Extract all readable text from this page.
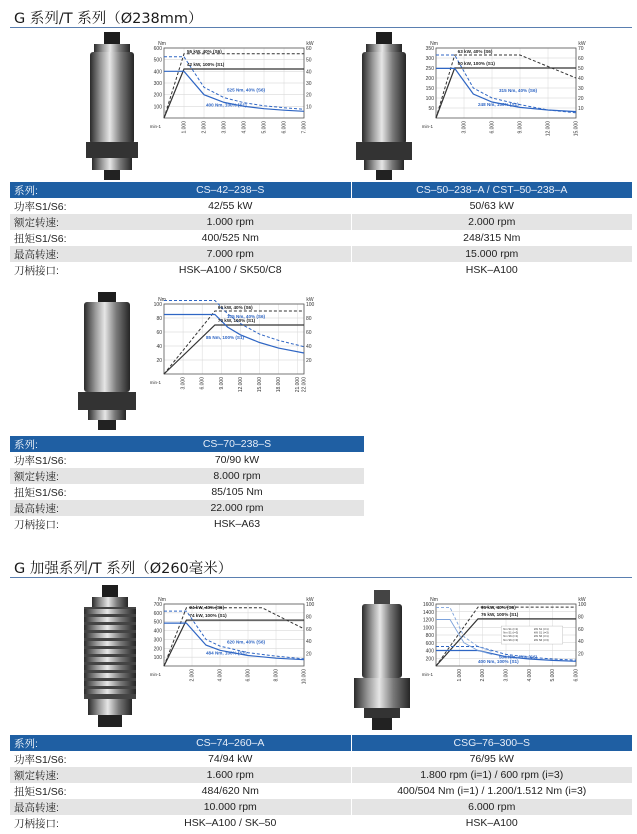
G 系列/T 系列（Ø238mm）
G 加强系列/T 系列（Ø260毫米）
Nm	kW
min-1
100
200
300
400
500
600
10
20
30
40
50
60
1.000	2.000	3.000	4.000	5.000	6.000	7.000
55 kW, 40% (S6)
42 kW, 100% (S1)
525 Nm, 40% (S6)
400 Nm, 100% (S1)
Nm	kW
min-1
50
100
150
200
250
300
350
10
20
30
40
50
60
70
3.000	6.000	9.000	12.000	15.000
63 kW, 40% (S6)
50 kW, 100% (S1)
315 Nm, 40% (S6)
248 Nm, 100% (S1)
Nm	kW
min-1
20
40
60
80
100
20
40
60
80
100
3.000	6.000	9.000	12.000	15.000	18.000	21.000 22.000
90 kW, 40% (S6)
70 kW, 100% (S1)
105 Nm, 40% (S6)
85 Nm, 100% (S1)
Nm	kW
min-1
100
200
300
400
500
600
700
20
40
60
80
100
2.000	4.000	6.000	8.000	10.000
94 kW, 40% (S6)
74 kW, 100% (S1)
620 Nm, 40% (S6)
484 Nm, 100% (S1)
Nm	kW
min-1
200
400
600
800
1000
1200
1400
1600
20
40
60
80
100
1.000	2.000	3.000	4.000	5.000	6.000
95 kW, 40% (S6)
76 kW, 100% (S1)
504 Nm, 40% (S6)
400 Nm, 100% (S1)
Nm S1 (i=1)
Nm S1 (i=3)
Nm S6 (i=1)
Nm S6 (i=3)
kW S1 (i=1)
kW S1 (i=3)
kW S6 (i=1)
kW S6 (i=3)
系列:	CS–42–238–S	CS–50–238–A / CST–50–238–A
功率S1/S6:	42/55 kW	50/63 kW
额定转速:	1.000 rpm	2.000 rpm
扭矩S1/S6:	400/525 Nm	248/315 Nm
最高转速:	7.000 rpm	15.000 rpm
刀柄接口:	HSK–A100 / SK50/C8	HSK–A100
系列:	CS–70–238–S
功率S1/S6:	70/90 kW
额定转速:	8.000 rpm
扭矩S1/S6:	85/105 Nm
最高转速:	22.000 rpm
刀柄接口:	HSK–A63
系列:	CS–74–260–A	CSG–76–300–S
功率S1/S6:	74/94 kW	76/95 kW
额定转速:	1.600 rpm	1.800 rpm (i=1) / 600 rpm (i=3)
扭矩S1/S6:	484/620 Nm	400/504 Nm (i=1) / 1.200/1.512 Nm (i=3)
最高转速:	10.000 rpm	6.000 rpm
刀柄接口:	HSK–A100 / SK–50	HSK–A100
